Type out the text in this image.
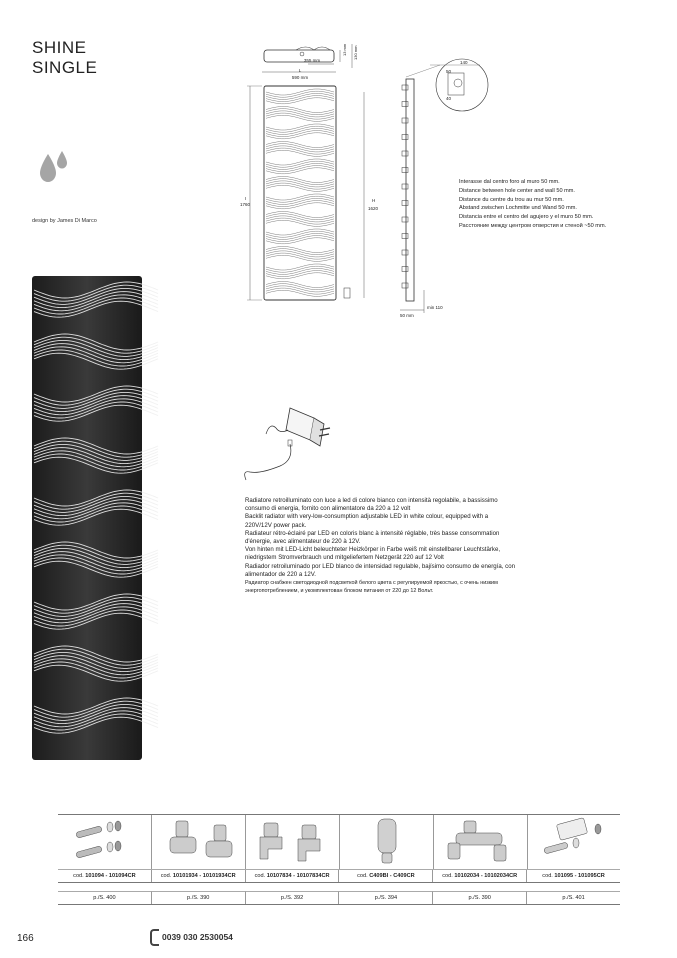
SHINE
SINGLE
design by James Di Marco
355 mm
13 mm 130 mm
L
590 mm
I
1760
H
1620
140
50
40
min 110
50 mm
Interasse dal centro foro al muro 50 mm.
Distance between hole center and wall 50 mm.
Distance du centre du trou au mur 50 mm.
Abstand zwischen Lochmitte und Wand 50 mm.
Distancia entre el centro del agujero y el muro 50 mm.
Расстояние между центром отверстия и стеной ~50 mm.

Radiatore retroilluminato con luce a led di colore bianco con intensità regolabile, a bassissimo consumo di energia, fornito con alimentatore da 220 a 12 volt

Backlit radiator with very-low-consumption adjustable LED in white colour, equipped with a 220V/12V power pack.

Radiateur rétro-éclairé par LED en coloris blanc à intensité réglable, très basse consommation d'énergie, avec alimentateur de 220 à 12V.

Von hinten mit LED-Licht beleuchteter Heizkörper in Farbe weiß mit einstellbarer Leuchtstärke, niedrigstem Stromverbrauch und mitgeliefertem Netzgerät 220 auf 12 Volt

Radiador retroiluminado por LED blanco de intensidad regulable, bajísimo consumo de energía, con alimentador de 220 a 12V.

Радиатор снабжен светодиодной подсветкой белого цвета с регулируемой яркостью, с очень низким энергопотреблением, и укомплектован блоком питания от 220 до 12 Вольт.

cod. 101094 - 101094CR	cod. 10101934 - 10101934CR	cod. 10107834 - 10107834CR	cod. C409BI - C409CR	cod. 10102034 - 10102034CR	cod. 101095 - 101095CR
p./S. 400	p./S. 390	p./S. 392	p./S. 394	p./S. 390	p./S. 401
166	0039 030 2530054
